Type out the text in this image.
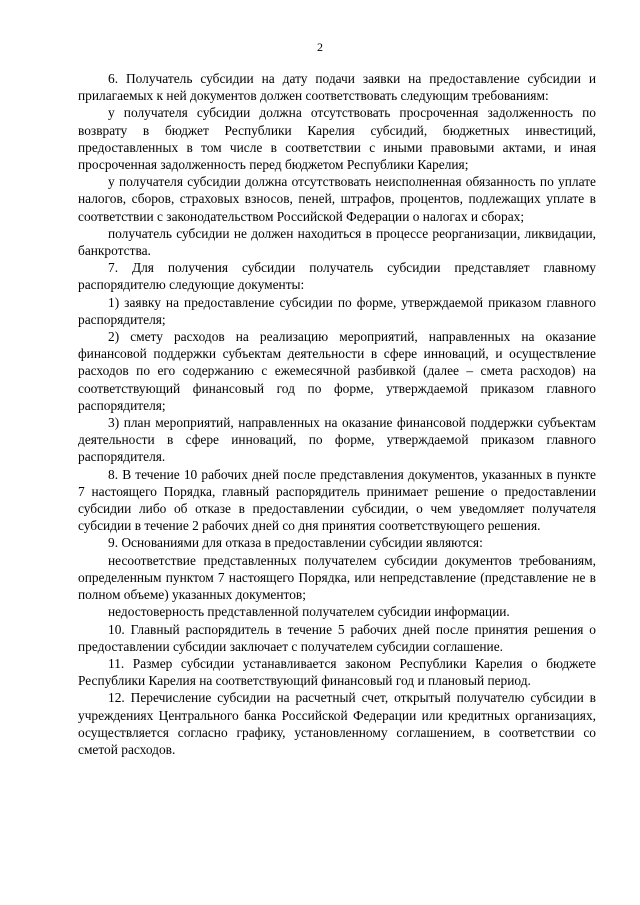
2

6. Получатель субсидии на дату подачи заявки на предоставление субсидии и прилагаемых к ней документов должен соответствовать следующим требованиям:

у получателя субсидии должна отсутствовать просроченная задолженность по возврату в бюджет Республики Карелия субсидий, бюджетных инвестиций, предоставленных в том числе в соответствии с иными правовыми актами, и иная просроченная задолженность перед бюджетом Республики Карелия;

у получателя субсидии должна отсутствовать неисполненная обязанность по уплате налогов, сборов, страховых взносов, пеней, штрафов, процентов, подлежащих уплате в соответствии с законодательством Российской Федерации о налогах и сборах;

получатель субсидии не должен находиться в процессе реорганизации, ликвидации, банкротства.

7. Для получения субсидии получатель субсидии представляет главному распорядителю следующие документы:

1) заявку на предоставление субсидии по форме, утверждаемой приказом главного распорядителя;

2) смету расходов на реализацию мероприятий, направленных на оказание финансовой поддержки субъектам деятельности в сфере инноваций, и осуществление расходов по его содержанию с ежемесячной разбивкой (далее – смета расходов) на соответствующий финансовый год по форме, утверждаемой приказом главного распорядителя;

3) план мероприятий, направленных на оказание финансовой поддержки субъектам деятельности в сфере инноваций, по форме, утверждаемой приказом главного распорядителя.

8. В течение 10 рабочих дней после представления документов, указанных в пункте 7 настоящего Порядка, главный распорядитель принимает решение о предоставлении субсидии либо об отказе в предоставлении субсидии, о чем уведомляет получателя субсидии в течение 2 рабочих дней со дня принятия соответствующего решения.

9. Основаниями для отказа в предоставлении субсидии являются:

несоответствие представленных получателем субсидии документов требованиям, определенным пунктом 7 настоящего Порядка, или непредставление (представление не в полном объеме) указанных документов;

недостоверность представленной получателем субсидии информации.

10. Главный распорядитель в течение 5 рабочих дней после принятия решения о предоставлении субсидии заключает с получателем субсидии соглашение.

11. Размер субсидии устанавливается законом Республики Карелия о бюджете Республики Карелия на соответствующий финансовый год и плановый период.

12. Перечисление субсидии на расчетный счет, открытый получателю субсидии в учреждениях Центрального банка Российской Федерации или кредитных организациях, осуществляется согласно графику, установленному соглашением, в соответствии со сметой расходов.
